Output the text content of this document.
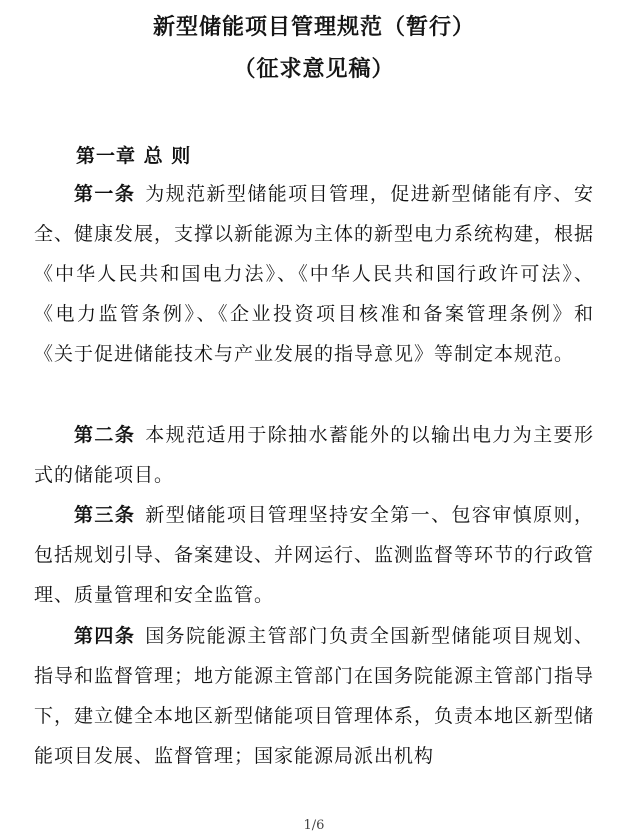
新型储能项目管理规范（暂行）
（征求意见稿）
第一章 总 则
第一条 为规范新型储能项目管理，促进新型储能有序、安全、健康发展，支撑以新能源为主体的新型电力系统构建，根据《中华人民共和国电力法》、《中华人民共和国行政许可法》、《电力监管条例》、《企业投资项目核准和备案管理条例》和《关于促进储能技术与产业发展的指导意见》等制定本规范。
第二条 本规范适用于除抽水蓄能外的以输出电力为主要形式的储能项目。
第三条 新型储能项目管理坚持安全第一、包容审慎原则，包括规划引导、备案建设、并网运行、监测监督等环节的行政管理、质量管理和安全监管。
第四条 国务院能源主管部门负责全国新型储能项目规划、指导和监督管理；地方能源主管部门在国务院能源主管部门指导下，建立健全本地区新型储能项目管理体系，负责本地区新型储能项目发展、监督管理；国家能源局派出机构
1/6
